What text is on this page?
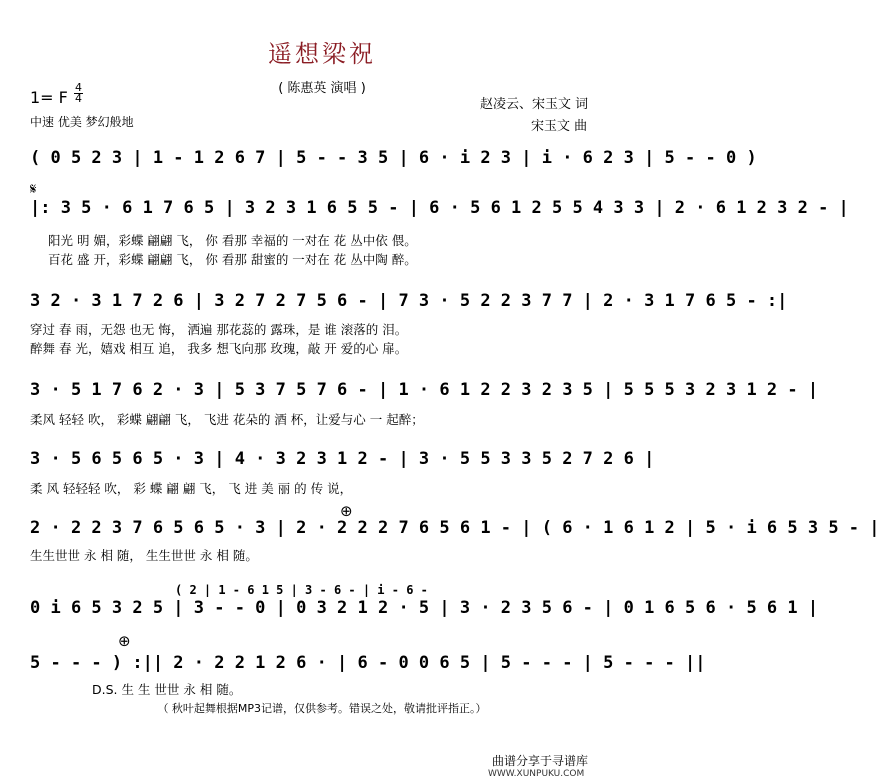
遥想梁祝
( 陈惠英 演唱 )
1= F $\frac{4}{4}$
中速 优美 梦幻般地
赵凌云、宋玉文 词
宋玉文 曲
( 0 5 2 3 | 1 - 1 2 6 7 | 5 - - 3 5 | 6 · i 2 3 | i · 6 2 3 | 5 - - 0 )
𝄋
|: 3 5 · 6 1 7 6 5 | 3 2 3 1 6 5 5 - | 6 · 5 6 1 2 5 5 4 3 3 | 2 · 6 1 2 3 2 - |
阳光 明 媚，彩蝶 翩翩 飞， 你 看那 幸福的 一对在 花 丛中依 偎。
百花 盛 开，彩蝶 翩翩 飞， 你 看那 甜蜜的 一对在 花 丛中陶 醉。
3 2 · 3 1 7 2 6 | 3 2 7 2 7 5 6 - | 7 3 · 5 2 2 3 7 7 | 2 · 3 1 7 6 5 - :|
穿过 春 雨，无怨 也无 悔， 洒遍 那花蕊的 露珠，是 谁 滚落的 泪。
醉舞 春 光，嬉戏 相互 追， 我多 想飞向那 玫瑰，敲 开 爱的心 扉。
3 · 5 1 7 6 2 · 3 | 5 3 7 5 7 6 - | 1 · 6 1 2 2 3 2 3 5 | 5 5 5 3 2 3 1 2 - |
柔风 轻轻 吹， 彩蝶 翩翩 飞， 飞进 花朵的 酒 杯，让爱与心 一 起醉；
3 · 5 6 5 6 5 · 3 | 4 · 3 2 3 1 2 - | 3 · 5 5 3 3 5 2 7 2 6 |
柔 风 轻轻轻 吹， 彩 蝶 翩 翩 飞， 飞 进 美 丽 的 传 说，
⊕
2 · 2 2 3 7 6 5 6 5 · 3 | 2 · 2 2 2 7 6 5 6 1 - | ( 6 · 1 6 1 2 | 5 · i 6 5 3 5 - |
生生世世 永 相 随， 生生世世 永 相 随。
( 2 | 1 - 6 1 5 | 3 - 6 - | i - 6 -
0 i 6 5 3 2 5 | 3 - - 0 | 0 3 2 1 2 · 5 | 3 · 2 3 5 6 - | 0 1 6 5 6 · 5 6 1 |
⊕
5 - - - ) :|| 2 · 2 2 1 2 6 · | 6 - 0 0 6 5 | 5 - - - | 5 - - - ||
D.S. 生 生 世世 永 相 随。
（ 秋叶起舞根据MP3记谱，仅供参考。错误之处，敬请批评指正。）
曲谱分享于寻谱库
WWW.XUNPUKU.COM
